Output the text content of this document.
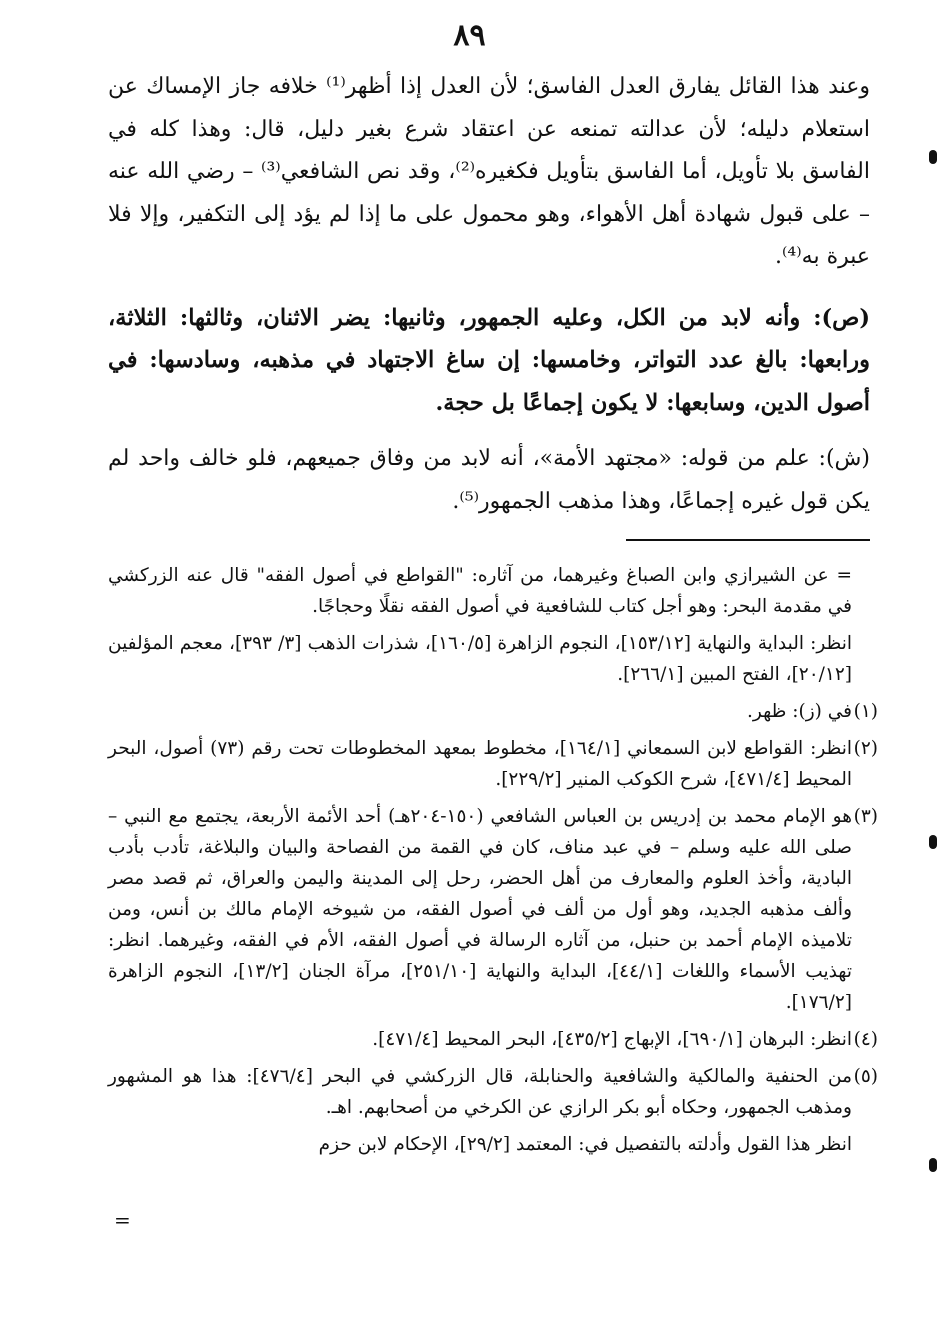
٨٩

وعند هذا القائل يفارق العدل الفاسق؛ لأن العدل إذا أظهر⁽¹⁾ خلافه جاز الإمساك عن استعلام دليله؛ لأن عدالته تمنعه عن اعتقاد شرع بغير دليل، قال: وهذا كله في الفاسق بلا تأويل، أما الفاسق بتأويل فكغيره⁽²⁾، وقد نص الشافعي⁽³⁾ – رضي الله عنه – على قبول شهادة أهل الأهواء، وهو محمول على ما إذا لم يؤد إلى التكفير، وإلا فلا عبرة به⁽⁴⁾.

(ص): وأنه لابد من الكل، وعليه الجمهور، وثانيها: يضر الاثنان، وثالثها: الثلاثة، ورابعها: بالغ عدد التواتر، وخامسها: إن ساغ الاجتهاد في مذهبه، وسادسها: في أصول الدين، وسابعها: لا يكون إجماعًا بل حجة.

(ش): علم من قوله: «مجتهد الأمة»، أنه لابد من وفاق جميعهم، فلو خالف واحد لم يكن قول غيره إجماعًا، وهذا مذهب الجمهور⁽⁵⁾.

= عن الشيرازي وابن الصباغ وغيرهما، من آثاره: "القواطع في أصول الفقه" قال عنه الزركشي في مقدمة البحر: وهو أجل كتاب للشافعية في أصول الفقه نقلًا وحجاجًا.

انظر: البداية والنهاية [١٥٣/١٢]، النجوم الزاهرة [١٦٠/٥]، شذرات الذهب [٣/ ٣٩٣]، معجم المؤلفين [٢٠/١٢]، الفتح المبين [٢٦٦/١].

(١)في (ز): ظهر.

(٢)انظر: القواطع لابن السمعاني [١٦٤/١]، مخطوط بمعهد المخطوطات تحت رقم (٧٣) أصول، البحر المحيط [٤٧١/٤]، شرح الكوكب المنير [٢٢٩/٢].

(٣)هو الإمام محمد بن إدريس بن العباس الشافعي (١٥٠-٢٠٤هـ) أحد الأئمة الأربعة، يجتمع مع النبي – صلى الله عليه وسلم – في عبد مناف، كان في القمة من الفصاحة والبيان والبلاغة، تأدب بأدب البادية، وأخذ العلوم والمعارف من أهل الحضر، رحل إلى المدينة واليمن والعراق، ثم قصد مصر وألف مذهبه الجديد، وهو أول من ألف في أصول الفقه، من شيوخه الإمام مالك بن أنس، ومن تلاميذه الإمام أحمد بن حنبل، من آثاره الرسالة في أصول الفقه، الأم في الفقه، وغيرهما. انظر: تهذيب الأسماء واللغات [٤٤/١]، البداية والنهاية [٢٥١/١٠]، مرآة الجنان [١٣/٢]، النجوم الزاهرة [١٧٦/٢].

(٤)انظر: البرهان [٦٩٠/١]، الإبهاج [٤٣٥/٢]، البحر المحيط [٤٧١/٤].

(٥)من الحنفية والمالكية والشافعية والحنابلة، قال الزركشي في البحر [٤٧٦/٤]: هذا هو المشهور ومذهب الجمهور، وحكاه أبو بكر الرازي عن الكرخي من أصحابهم. اهـ.

انظر هذا القول وأدلته بالتفصيل في: المعتمد [٢٩/٢]، الإحكام لابن حزم

=
